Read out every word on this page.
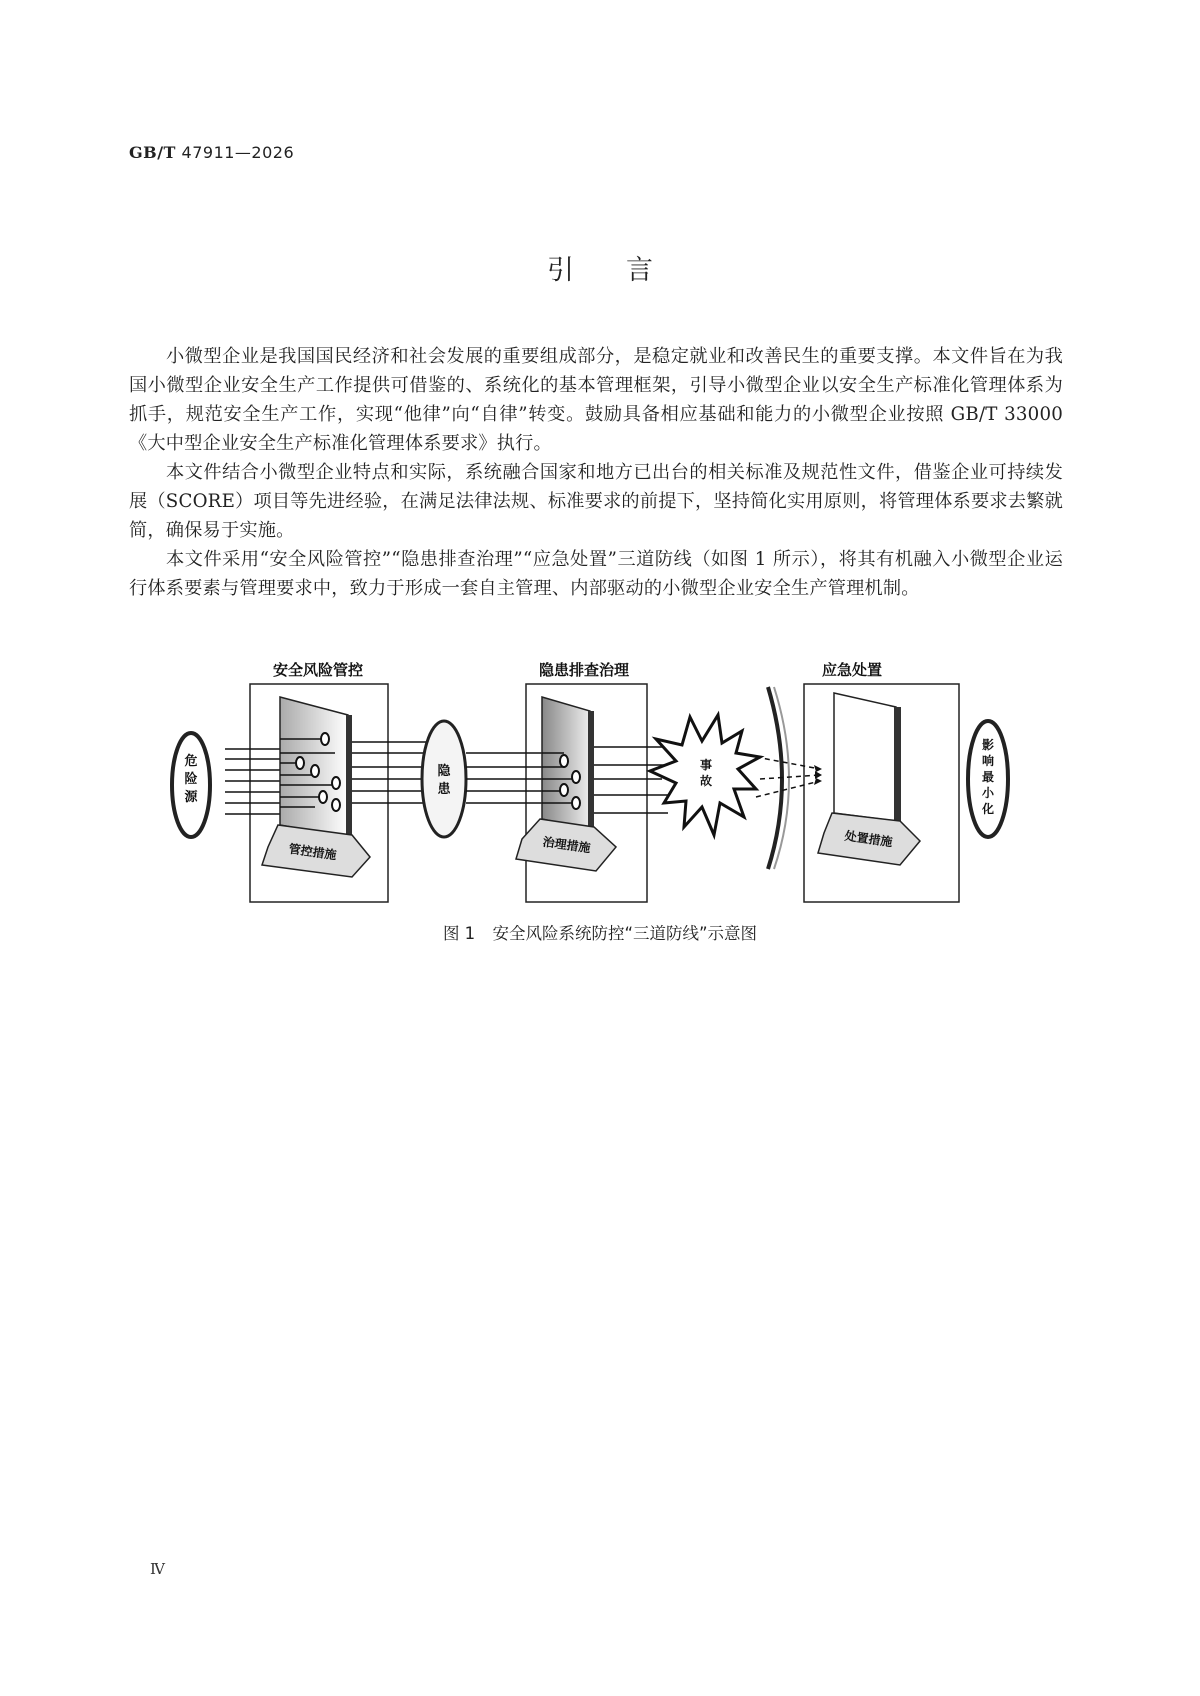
GB/T 47911—2026
引言

小微型企业是我国国民经济和社会发展的重要组成部分，是稳定就业和改善民生的重要支撑。本文件旨在为我国小微型企业安全生产工作提供可借鉴的、系统化的基本管理框架，引导小微型企业以安全生产标准化管理体系为抓手，规范安全生产工作，实现“他律”向“自律”转变。鼓励具备相应基础和能力的小微型企业按照 GB/T 33000《大中型企业安全生产标准化管理体系要求》执行。

本文件结合小微型企业特点和实际，系统融合国家和地方已出台的相关标准及规范性文件，借鉴企业可持续发展（SCORE）项目等先进经验，在满足法律法规、标准要求的前提下，坚持简化实用原则，将管理体系要求去繁就简，确保易于实施。

本文件采用“安全风险管控”“隐患排查治理”“应急处置”三道防线（如图 1 所示），将其有机融入小微型企业运行体系要素与管理要求中，致力于形成一套自主管理、内部驱动的小微型企业安全生产管理机制。

安全风险管控	隐患排查治理	应急处置
危
险
源
管控措施
隐
患
治理措施
事
故
处置措施
影
响
最
小
化
图 1 安全风险系统防控“三道防线”示意图
Ⅳ
